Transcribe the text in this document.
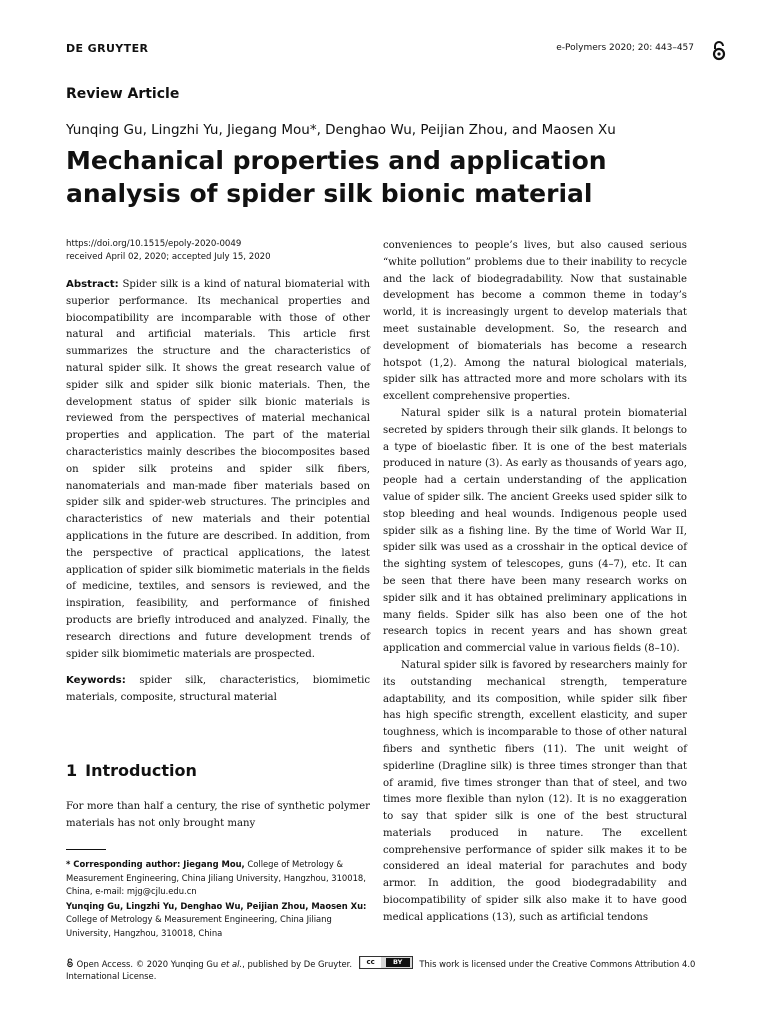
DE GRUYTER	e-Polymers 2020; 20: 443–457
Review Article
Yunqing Gu, Lingzhi Yu, Jiegang Mou*, Denghao Wu, Peijian Zhou, and Maosen Xu
Mechanical properties and application analysis of spider silk bionic material
https://doi.org/10.1515/epoly-2020-0049
received April 02, 2020; accepted July 15, 2020

Abstract: Spider silk is a kind of natural biomaterial with superior performance. Its mechanical properties and biocompatibility are incomparable with those of other natural and artificial materials. This article first summarizes the structure and the characteristics of natural spider silk. It shows the great research value of spider silk and spider silk bionic materials. Then, the development status of spider silk bionic materials is reviewed from the perspectives of material mechanical properties and application. The part of the material characteristics mainly describes the biocomposites based on spider silk proteins and spider silk fibers, nanomaterials and man-made fiber materials based on spider silk and spider-web structures. The principles and characteristics of new materials and their potential applications in the future are described. In addition, from the perspective of practical applications, the latest application of spider silk biomimetic materials in the fields of medicine, textiles, and sensors is reviewed, and the inspiration, feasibility, and performance of finished products are briefly introduced and analyzed. Finally, the research directions and future development trends of spider silk biomimetic materials are prospected.

Keywords: spider silk, characteristics, biomimetic materials, composite, structural material

1 Introduction

For more than half a century, the rise of synthetic polymer materials has not only brought many

conveniences to people’s lives, but also caused serious “white pollution” problems due to their inability to recycle and the lack of biodegradability. Now that sustainable development has become a common theme in today’s world, it is increasingly urgent to develop materials that meet sustainable development. So, the research and development of biomaterials has become a research hotspot (1,2). Among the natural biological materials, spider silk has attracted more and more scholars with its excellent comprehensive properties.

Natural spider silk is a natural protein biomaterial secreted by spiders through their silk glands. It belongs to a type of bioelastic fiber. It is one of the best materials produced in nature (3). As early as thousands of years ago, people had a certain understanding of the application value of spider silk. The ancient Greeks used spider silk to stop bleeding and heal wounds. Indigenous people used spider silk as a fishing line. By the time of World War II, spider silk was used as a crosshair in the optical device of the sighting system of telescopes, guns (4–7), etc. It can be seen that there have been many research works on spider silk and it has obtained preliminary applications in many fields. Spider silk has also been one of the hot research topics in recent years and has shown great application and commercial value in various fields (8–10).

Natural spider silk is favored by researchers mainly for its outstanding mechanical strength, temperature adaptability, and its composition, while spider silk fiber has high specific strength, excellent elasticity, and super toughness, which is incomparable to those of other natural fibers and synthetic fibers (11). The unit weight of spiderline (Dragline silk) is three times stronger than that of aramid, five times stronger than that of steel, and two times more flexible than nylon (12). It is no exaggeration to say that spider silk is one of the best structural materials produced in nature. The excellent comprehensive performance of spider silk makes it to be considered an ideal material for parachutes and body armor. In addition, the good biodegradability and biocompatibility of spider silk also make it to have good medical applications (13), such as artificial tendons

* Corresponding author: Jiegang Mou, College of Metrology & Measurement Engineering, China Jiliang University, Hangzhou, 310018, China, e-mail: mjg@cjlu.edu.cn
Yunqing Gu, Lingzhi Yu, Denghao Wu, Peijian Zhou, Maosen Xu: College of Metrology & Measurement Engineering, China Jiliang University, Hangzhou, 310018, China
Open Access. © 2020 Yunqing Gu et al., published by De Gruyter.	cc	BY	This work is licensed under the Creative Commons Attribution 4.0 International License.
